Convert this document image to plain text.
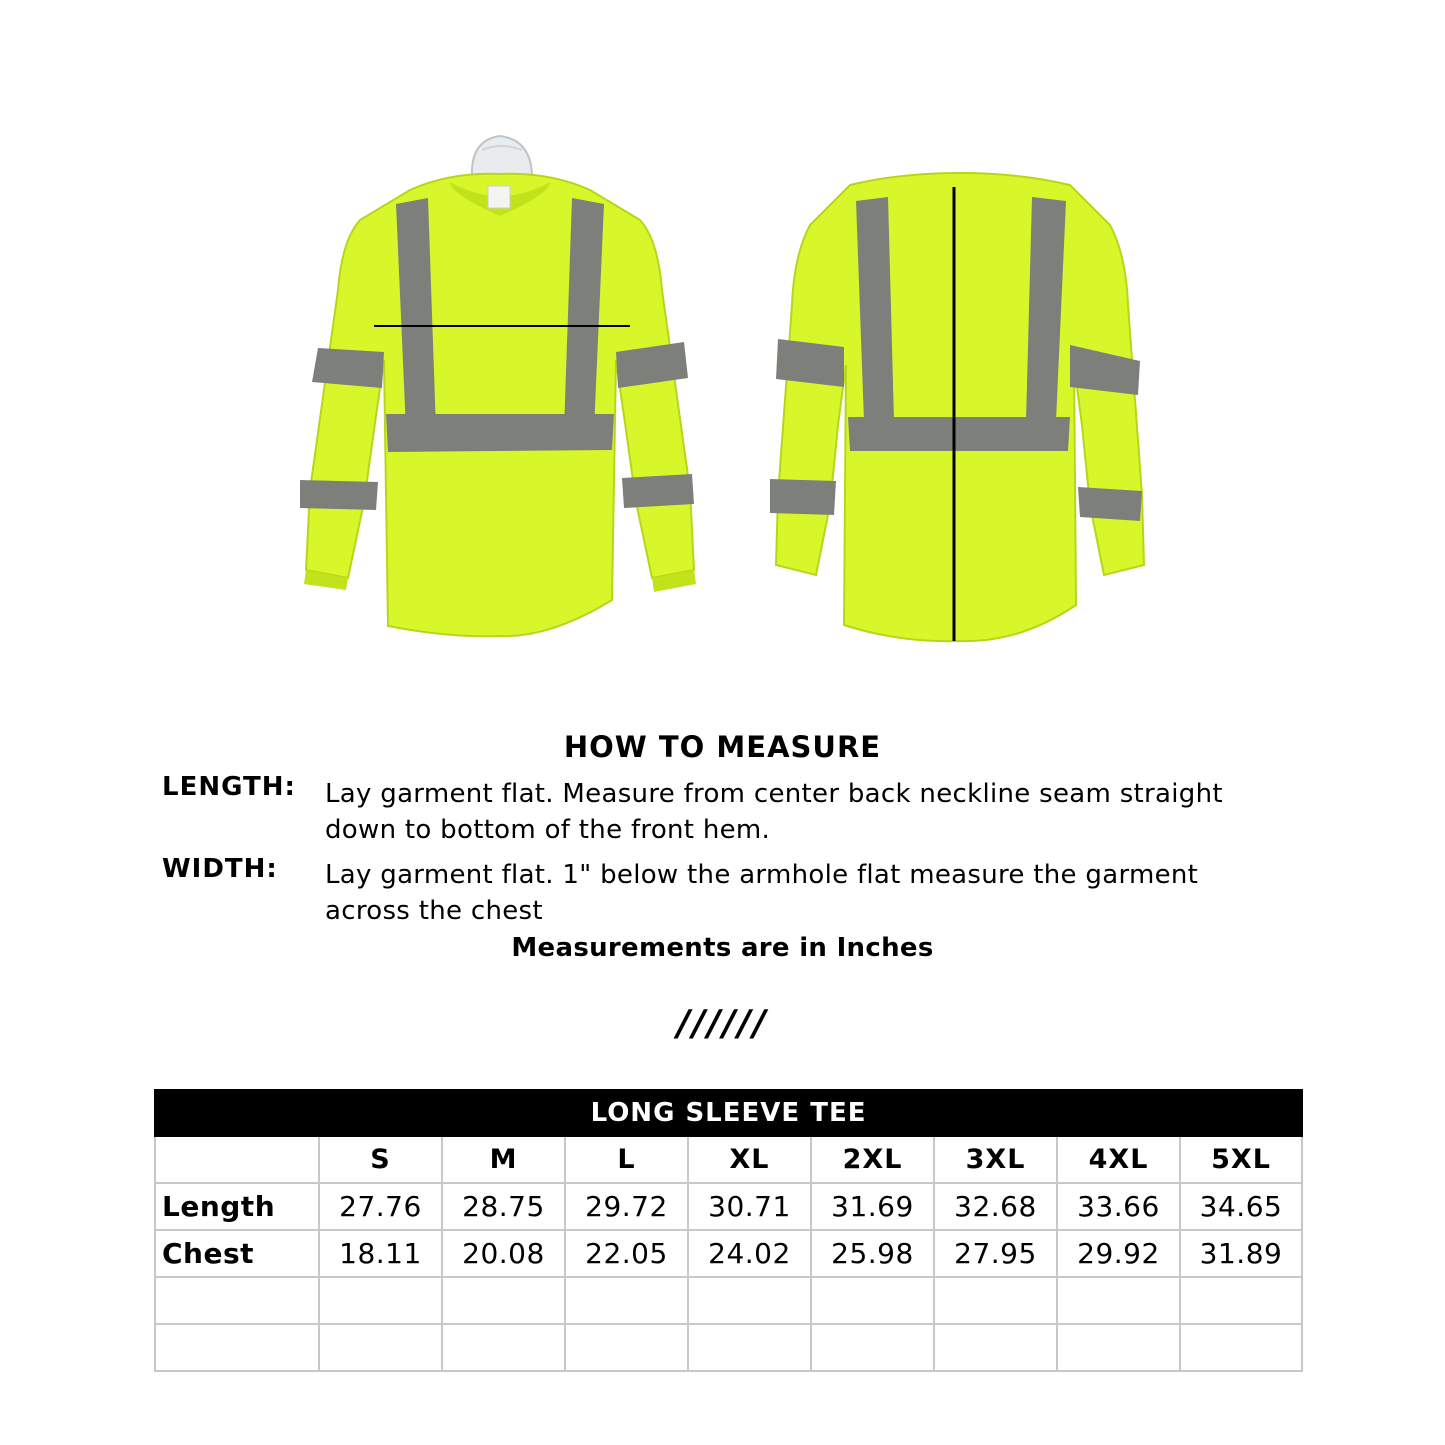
HOW TO MEASURE
LENGTH: Lay garment flat. Measure from center back neckline seam straight down to bottom of the front hem.
WIDTH: Lay garment flat. 1" below the armhole flat measure the garment across the chest
Measurements are in Inches
//////
LONG SLEEVE TEE								
	S	M	L	XL	2XL	3XL	4XL	5XL
Length	27.76	28.75	29.72	30.71	31.69	32.68	33.66	34.65
Chest	18.11	20.08	22.05	24.02	25.98	27.95	29.92	31.89
